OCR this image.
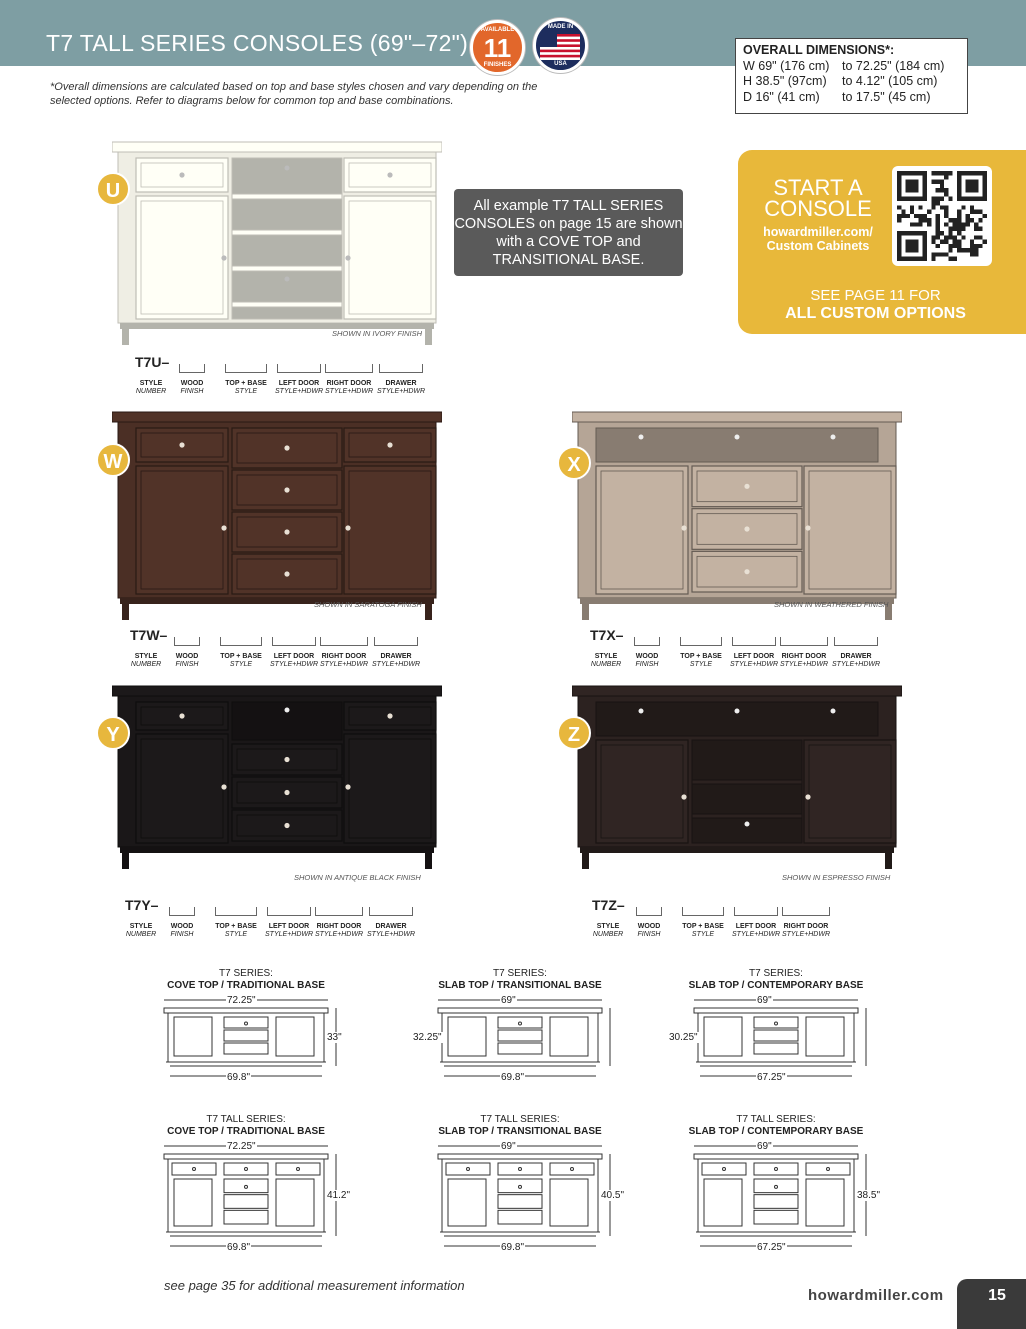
T7 TALL SERIES CONSOLES (69"–72")	AVAILABLE
11
FINISHES
MADE IN
USA
OVERALL DIMENSIONS*:
W 69" (176 cm)	to 72.25" (184 cm)
H 38.5" (97cm)	to 4.12" (105 cm)
D 16" (41 cm)	to 17.5" (45 cm)
*Overall dimensions are calculated based on top and base styles chosen and vary depending on the selected options. Refer to diagrams below for common top and base combinations.
START A
CONSOLE
howardmiller.com/
Custom Cabinets
SEE PAGE 11 FOR
ALL CUSTOM OPTIONS
All example T7 TALL SERIES CONSOLES on page 15 are shown with a COVE TOP and TRANSITIONAL BASE.
U
SHOWN IN IVORY FINISH
T7U–
STYLE
NUMBER
WOOD
FINISH
TOP + BASE
STYLE
LEFT DOOR
STYLE+HDWR
RIGHT DOOR
STYLE+HDWR
DRAWER
STYLE+HDWR
W
SHOWN IN SARATOGA FINISH
T7W–
STYLE
NUMBER
WOOD
FINISH
TOP + BASE
STYLE
LEFT DOOR
STYLE+HDWR
RIGHT DOOR
STYLE+HDWR
DRAWER
STYLE+HDWR
X
SHOWN IN WEATHERED FINISH
T7X–
STYLE
NUMBER
WOOD
FINISH
TOP + BASE
STYLE
LEFT DOOR
STYLE+HDWR
RIGHT DOOR
STYLE+HDWR
DRAWER
STYLE+HDWR
Y
SHOWN IN ANTIQUE BLACK FINISH
T7Y–
STYLE
NUMBER
WOOD
FINISH
TOP + BASE
STYLE
LEFT DOOR
STYLE+HDWR
RIGHT DOOR
STYLE+HDWR
DRAWER
STYLE+HDWR
Z
SHOWN IN ESPRESSO FINISH
T7Z–
STYLE
NUMBER
WOOD
FINISH
TOP + BASE
STYLE
LEFT DOOR
STYLE+HDWR
RIGHT DOOR
STYLE+HDWR
T7 SERIES:
COVE TOP / TRADITIONAL BASE
T7 SERIES:
SLAB TOP / TRANSITIONAL BASE
T7 SERIES:
SLAB TOP / CONTEMPORARY BASE
T7 TALL SERIES:
COVE TOP / TRADITIONAL BASE
T7 TALL SERIES:
SLAB TOP / TRANSITIONAL BASE
T7 TALL SERIES:
SLAB TOP / CONTEMPORARY BASE
see page 35 for additional measurement information
howardmiller.com	15
72.25"
69.8"
33"
69"
69.8"
32.25"
69"
67.25"
30.25"
72.25"
69.8"
41.2"
69"
69.8"
40.5"
69"
67.25"
38.5"
